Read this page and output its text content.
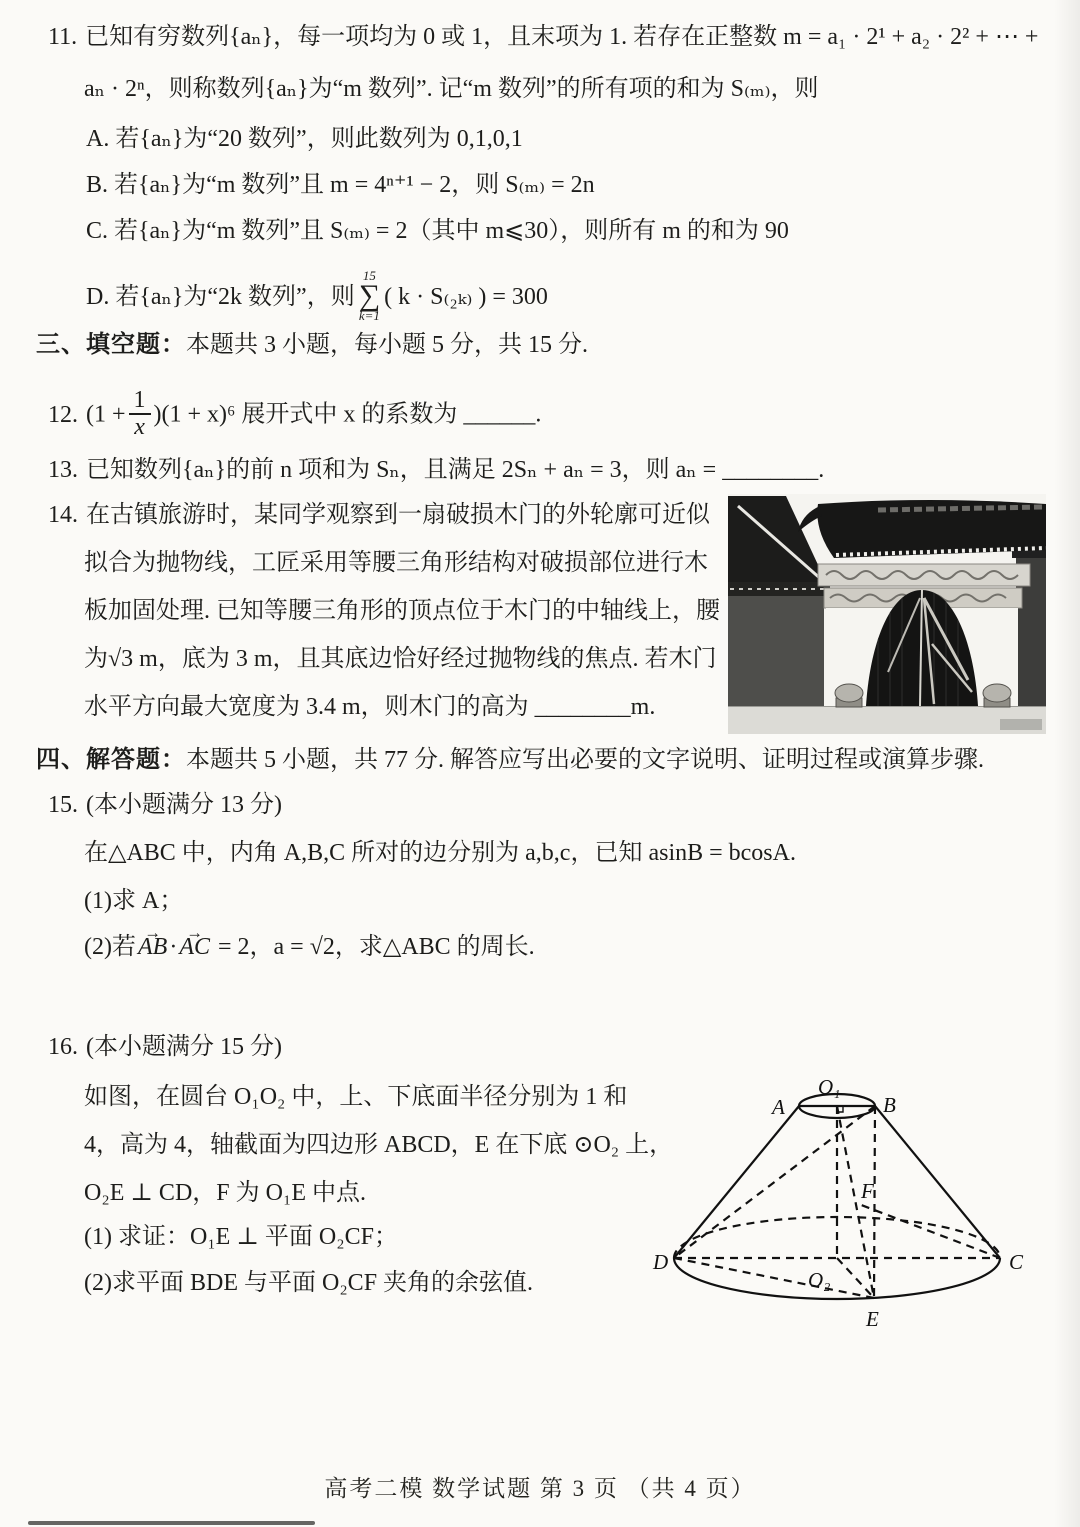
11. 已知有穷数列{aₙ}，每一项均为 0 或 1，且末项为 1. 若存在正整数 m = a₁ · 2¹ + a₂ · 2² + ⋯ +
aₙ · 2ⁿ，则称数列{aₙ}为“m 数列”. 记“m 数列”的所有项的和为 S₍ₘ₎，则
A. 若{aₙ}为“20 数列”，则此数列为 0,1,0,1
B. 若{aₙ}为“m 数列”且 m = 4ⁿ⁺¹ − 2，则 S₍ₘ₎ = 2n
C. 若{aₙ}为“m 数列”且 S₍ₘ₎ = 2（其中 m⩽30），则所有 m 的和为 90
D. 若{aₙ}为“2k 数列”，则
15
∑
k=1
( k · S₍₂ₖ₎ ) = 300
三、填空题：本题共 3 小题，每小题 5 分，共 15 分.
12. $(1 + \frac{1}{x} )(1 + x)^6$ 展开式中 x 的系数为 ______.
13. 已知数列{aₙ}的前 n 项和为 Sₙ，且满足 2Sₙ + aₙ = 3，则 aₙ = ________.
14. 在古镇旅游时，某同学观察到一扇破损木门的外轮廓可近似
拟合为抛物线，工匠采用等腰三角形结构对破损部位进行木
板加固处理. 已知等腰三角形的顶点位于木门的中轴线上，腰
为√3 m，底为 3 m，且其底边恰好经过抛物线的焦点. 若木门
水平方向最大宽度为 3.4 m，则木门的高为 ________m.
四、解答题：本题共 5 小题，共 77 分. 解答应写出必要的文字说明、证明过程或演算步骤.
15. (本小题满分 13 分)
在△ABC 中，内角 A,B,C 所对的边分别为 a,b,c，已知 asinB = bcosA.
(1)求 A；
(2)若AB →·AC → = 2，a = √2，求△ABC 的周长.
16. (本小题满分 15 分)
如图，在圆台 O₁O₂ 中，上、下底面半径分别为 1 和
4，高为 4，轴截面为四边形 ABCD，E 在下底 ⊙O₂ 上，
O₂E ⊥ CD，F 为 O₁E 中点.
(1) 求证：O₁E ⊥ 平面 O₂CF；
(2)求平面 BDE 与平面 O₂CF 夹角的余弦值.
A	B
C
D
E
F
O₁
O₂
高考二模 数学试题 第 3 页 （共 4 页）
